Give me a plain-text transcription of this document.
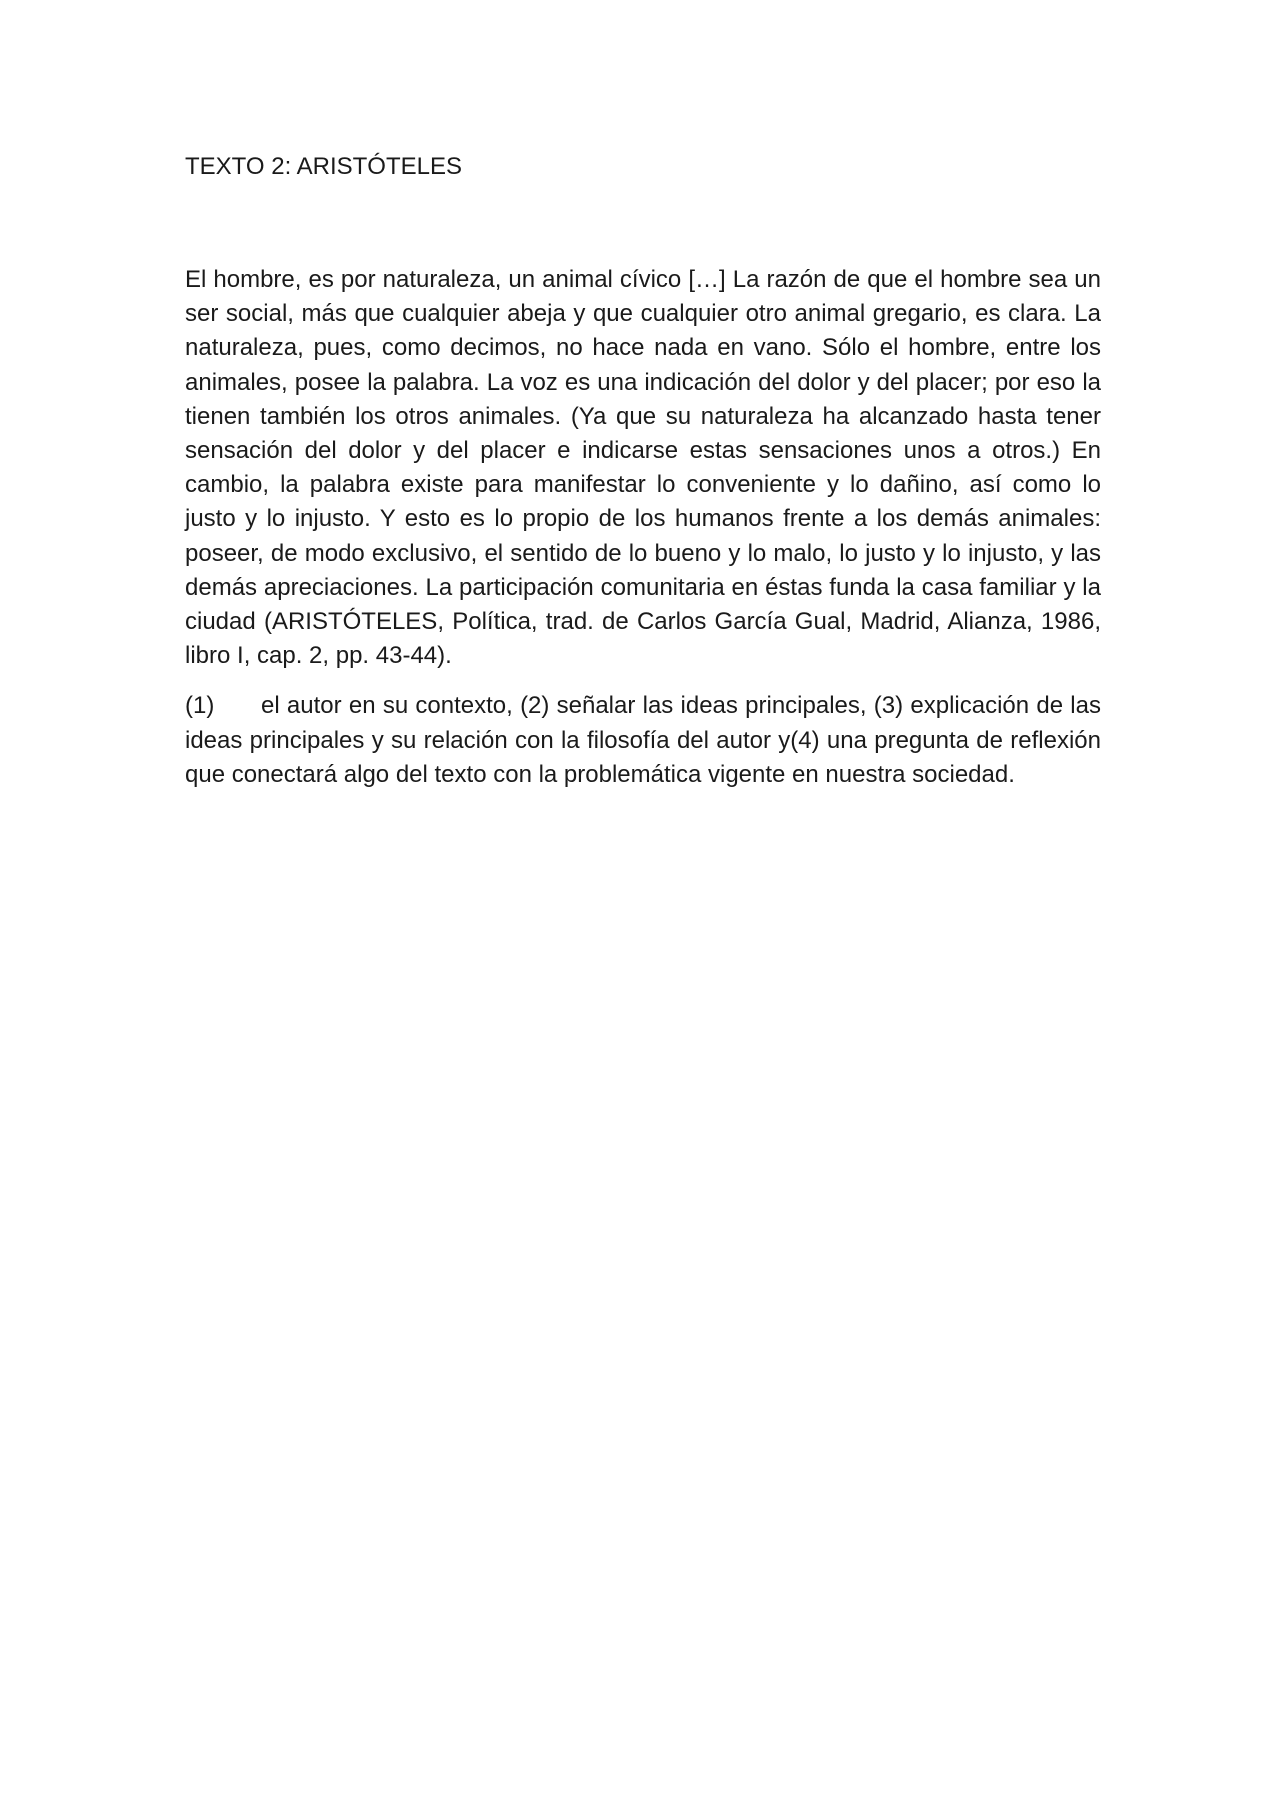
TEXTO 2: ARISTÓTELES

El hombre, es por naturaleza, un animal cívico […] La razón de que el hombre sea un ser social, más que cualquier abeja y que cualquier otro animal gregario, es clara. La naturaleza, pues, como decimos, no hace nada en vano. Sólo el hombre, entre los animales, posee la palabra. La voz es una indicación del dolor y del placer; por eso la tienen también los otros animales. (Ya que su naturaleza ha alcanzado hasta tener sensación del dolor y del placer e indicarse estas sensaciones unos a otros.) En cambio, la palabra existe para manifestar lo conveniente y lo dañino, así como lo justo y lo injusto. Y esto es lo propio de los humanos frente a los demás animales: poseer, de modo exclusivo, el sentido de lo bueno y lo malo, lo justo y lo injusto, y las demás apreciaciones. La participación comunitaria en éstas funda la casa familiar y la ciudad (ARISTÓTELES, Política, trad. de Carlos García Gual, Madrid, Alianza, 1986, libro I, cap. 2, pp. 43-44).

(1) el autor en su contexto, (2) señalar las ideas principales, (3) explicación de las ideas principales y su relación con la filosofía del autor y(4) una pregunta de reflexión que conectará algo del texto con la problemática vigente en nuestra sociedad.
